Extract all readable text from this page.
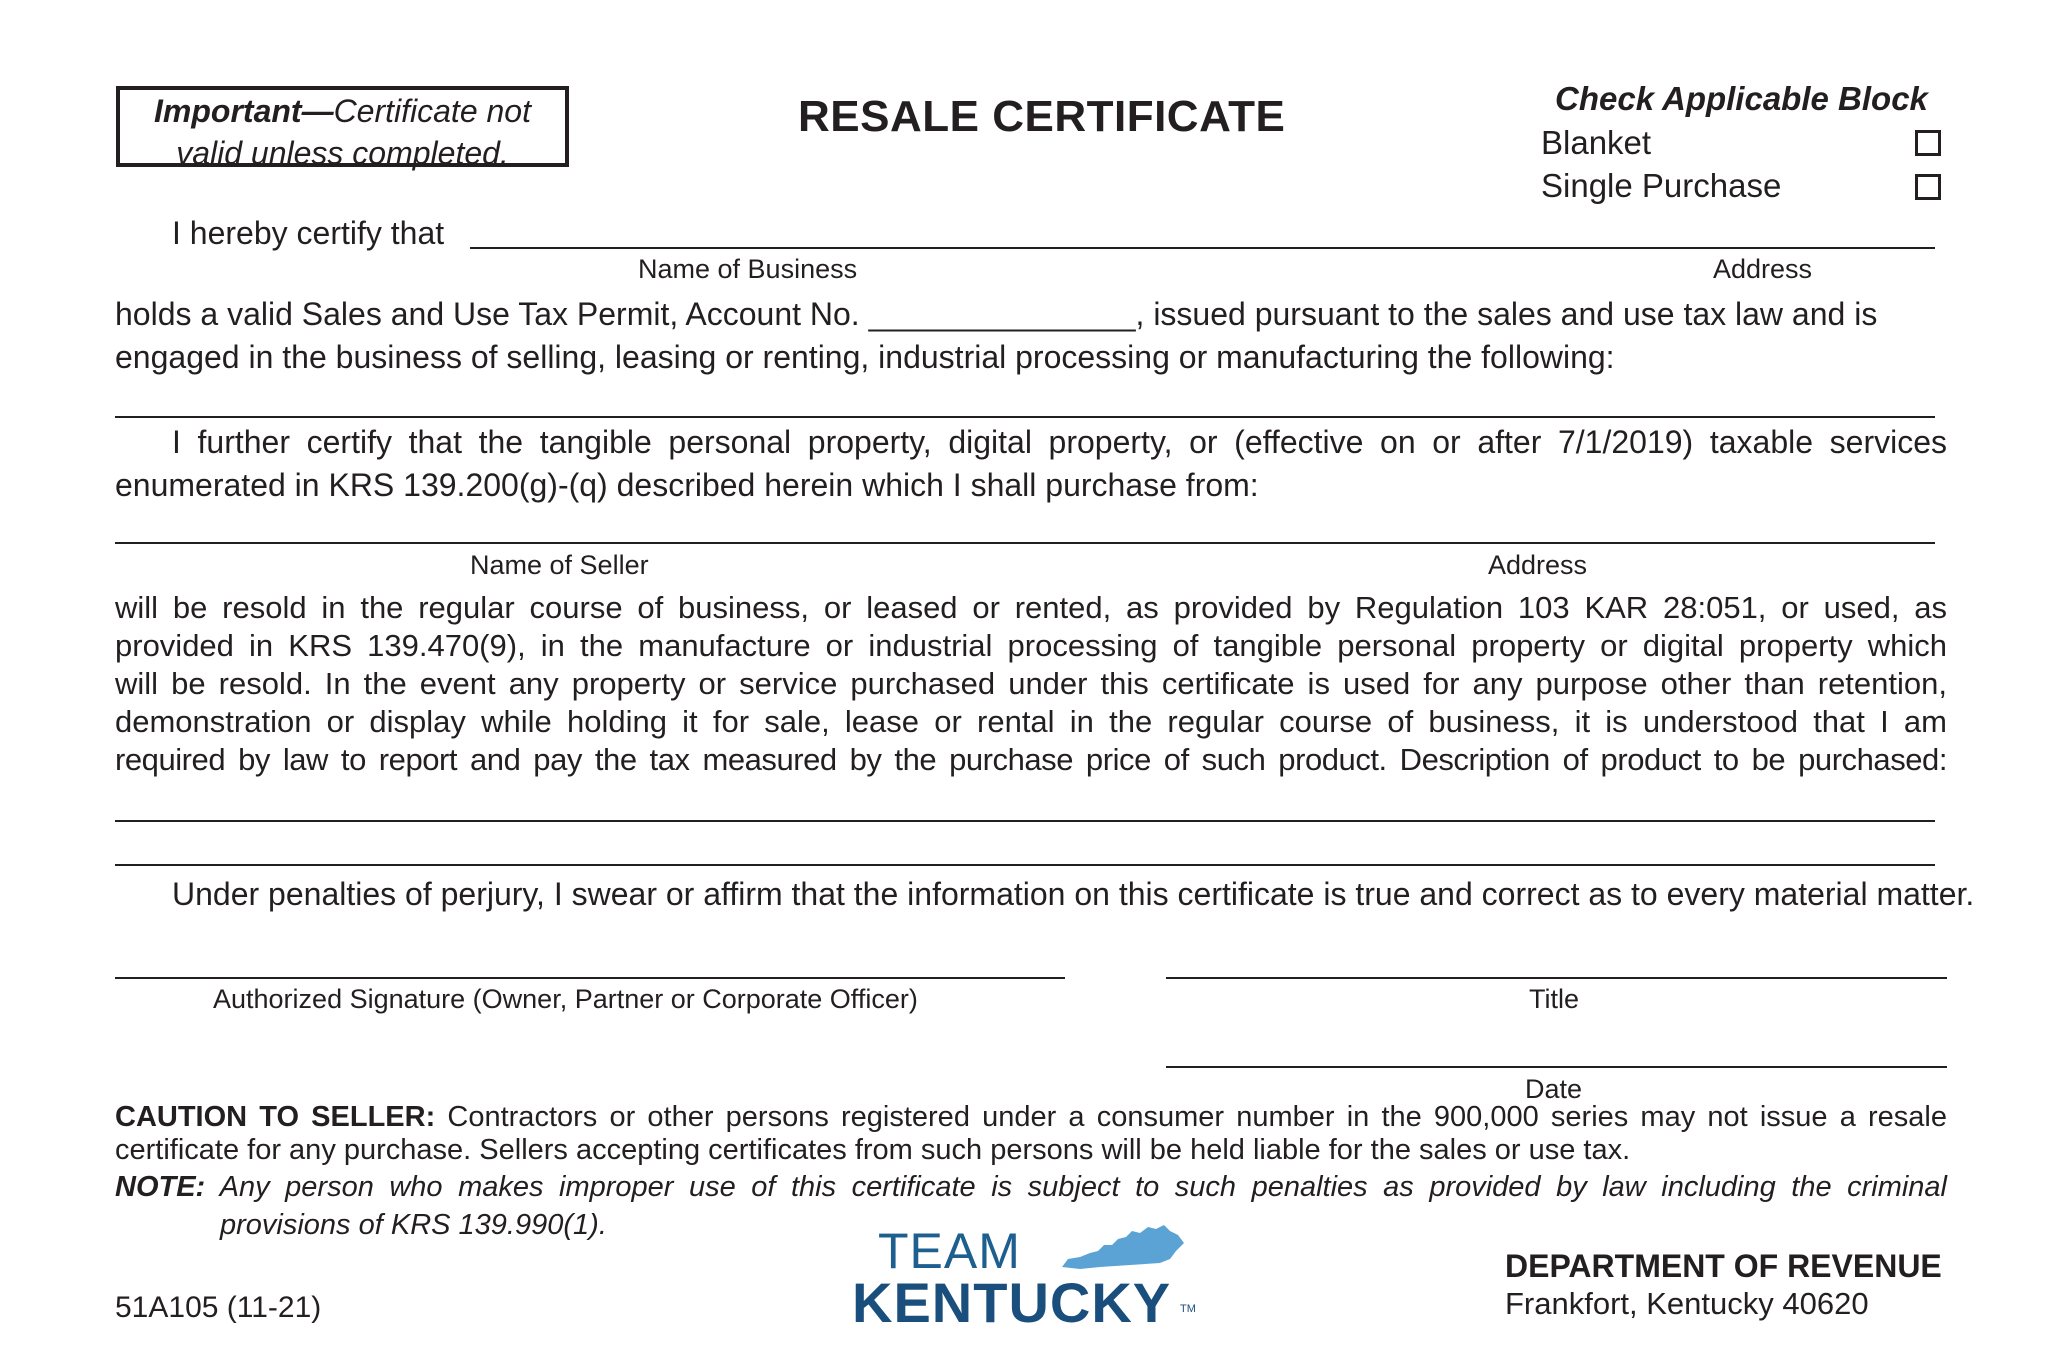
Important—Certificate not
valid unless completed.
RESALE CERTIFICATE	Check Applicable Block
Blanket
Single Purchase
I hereby certify that
Name of Business	Address
holds a valid Sales and Use Tax Permit, Account No. _______________, issued pursuant to the sales and use tax law and is
engaged in the business of selling, leasing or renting, industrial processing or manufacturing the following:
I further certify that the tangible personal property, digital property, or (effective on or after 7/1/2019) taxable services
enumerated in KRS 139.200(g)-(q) described herein which I shall purchase from:
Name of Seller	Address
will be resold in the regular course of business, or leased or rented, as provided by Regulation 103 KAR 28:051, or used, as
provided in KRS 139.470(9), in the manufacture or industrial processing of tangible personal property or digital property which
will be resold. In the event any property or service purchased under this certificate is used for any purpose other than retention,
demonstration or display while holding it for sale, lease or rental in the regular course of business, it is understood that I am
required by law to report and pay the tax measured by the purchase price of such product. Description of product to be purchased:
Under penalties of perjury, I swear or affirm that the information on this certificate is true and correct as to every material matter.
Authorized Signature (Owner, Partner or Corporate Officer)	Title
Date
CAUTION TO SELLER: Contractors or other persons registered under a consumer number in the 900,000 series may not issue a resale
certificate for any purchase. Sellers accepting certificates from such persons will be held liable for the sales or use tax.
NOTE: Any person who makes improper use of this certificate is subject to such penalties as provided by law including the criminal
provisions of KRS 139.990(1).
51A105 (11-21)
TEAM
KENTUCKY TM
DEPARTMENT OF REVENUE
Frankfort, Kentucky 40620
